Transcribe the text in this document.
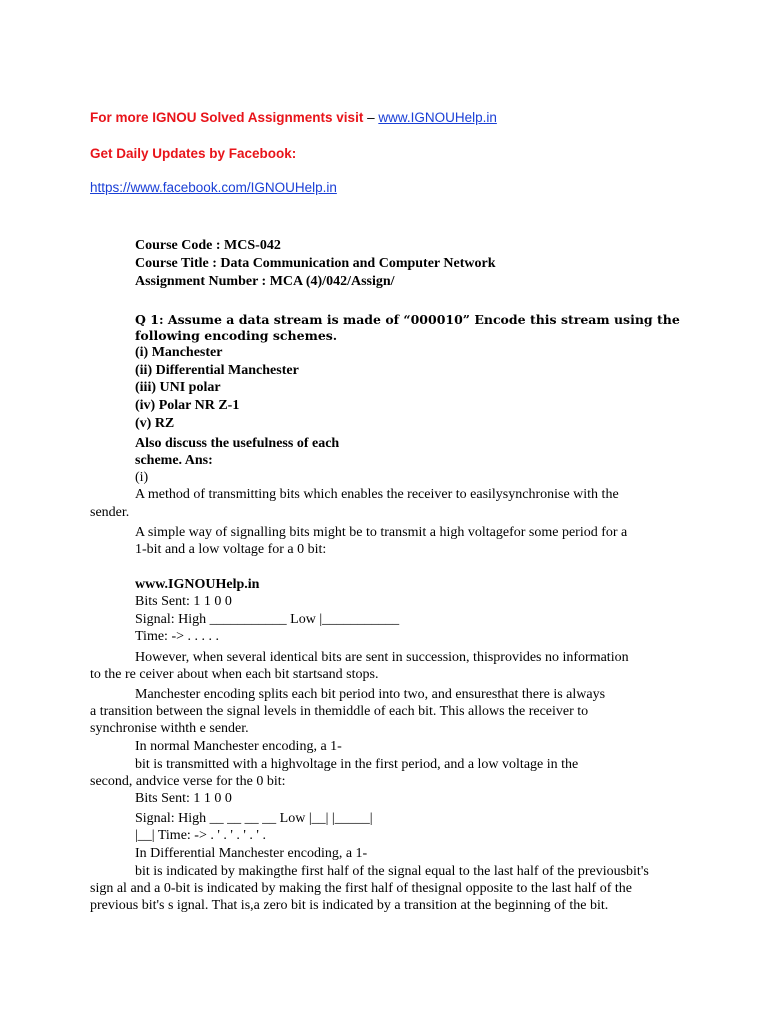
For more IGNOU Solved Assignments visit – www.IGNOUHelp.in
Get Daily Updates by Facebook:
https://www.facebook.com/IGNOUHelp.in
Course Code : MCS-042
Course Title : Data Communication and Computer Network
Assignment Number : MCA (4)/042/Assign/
Q 1: Assume a data stream is made of “000010” Encode this stream using the
following encoding schemes.
(i) Manchester
(ii) Differential Manchester
(iii) UNI polar
(iv) Polar NR Z-1
(v) RZ
Also discuss the usefulness of each
scheme. Ans:
(i)
A method of transmitting bits which enables the receiver to easilysynchronise with the
sender.
A simple way of signalling bits might be to transmit a high voltagefor some period for a
1-bit and a low voltage for a 0 bit:
www.IGNOUHelp.in
Bits Sent: 1 1 0 0
Signal: High ___________ Low |___________
Time: -> . . . . .
However, when several identical bits are sent in succession, thisprovides no information
to the re ceiver about when each bit startsand stops.
Manchester encoding splits each bit period into two, and ensuresthat there is always
a transition between the signal levels in themiddle of each bit. This allows the receiver to
synchronise withth e sender.
In normal Manchester encoding, a 1-
bit is transmitted with a highvoltage in the first period, and a low voltage in the
second, andvice verse for the 0 bit:
Bits Sent: 1 1 0 0
Signal: High __ __ __ __ Low |__| |_____|
|__| Time: -> . ' . ' . ' . ' .
In Differential Manchester encoding, a 1-
bit is indicated by makingthe first half of the signal equal to the last half of the previousbit's
sign al and a 0-bit is indicated by making the first half of thesignal opposite to the last half of the
previous bit's s ignal. That is,a zero bit is indicated by a transition at the beginning of the bit.
